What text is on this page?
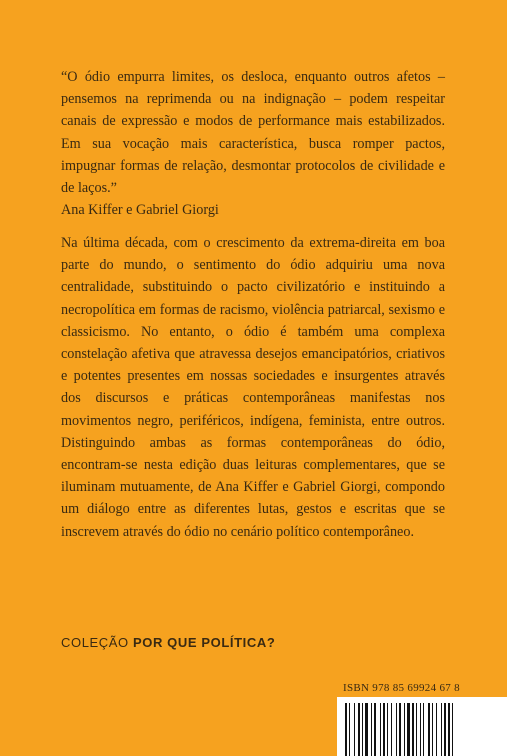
“O ódio empurra limites, os desloca, enquanto outros afetos – pensemos na reprimenda ou na indignação – podem respeitar canais de expressão e modos de performance mais estabilizados. Em sua vocação mais característica, busca romper pactos, impugnar formas de relação, desmontar protocolos de civilidade e de laços.”

Ana Kiffer e Gabriel Giorgi
Na última década, com o crescimento da extrema-direita em boa parte do mundo, o sentimento do ódio adquiriu uma nova centralidade, substituindo o pacto civilizatório e instituindo a necropolítica em formas de racismo, violência patriarcal, sexismo e classicismo. No entanto, o ódio é também uma complexa constelação afetiva que atravessa desejos emancipatórios, criativos e potentes presentes em nossas sociedades e insurgentes através dos discursos e práticas contemporâneas manifestas nos movimentos negro, periféricos, indígena, feminista, entre outros. Distinguindo ambas as formas contemporâneas do ódio, encontram-se nesta edição duas leituras complementares, que se iluminam mutuamente, de Ana Kiffer e Gabriel Giorgi, compondo um diálogo entre as diferentes lutas, gestos e escritas que se inscrevem através do ódio no cenário político contemporâneo.
COLEÇÃO POR QUE POLÍTICA?
ISBN 978 85 69924 67 8
